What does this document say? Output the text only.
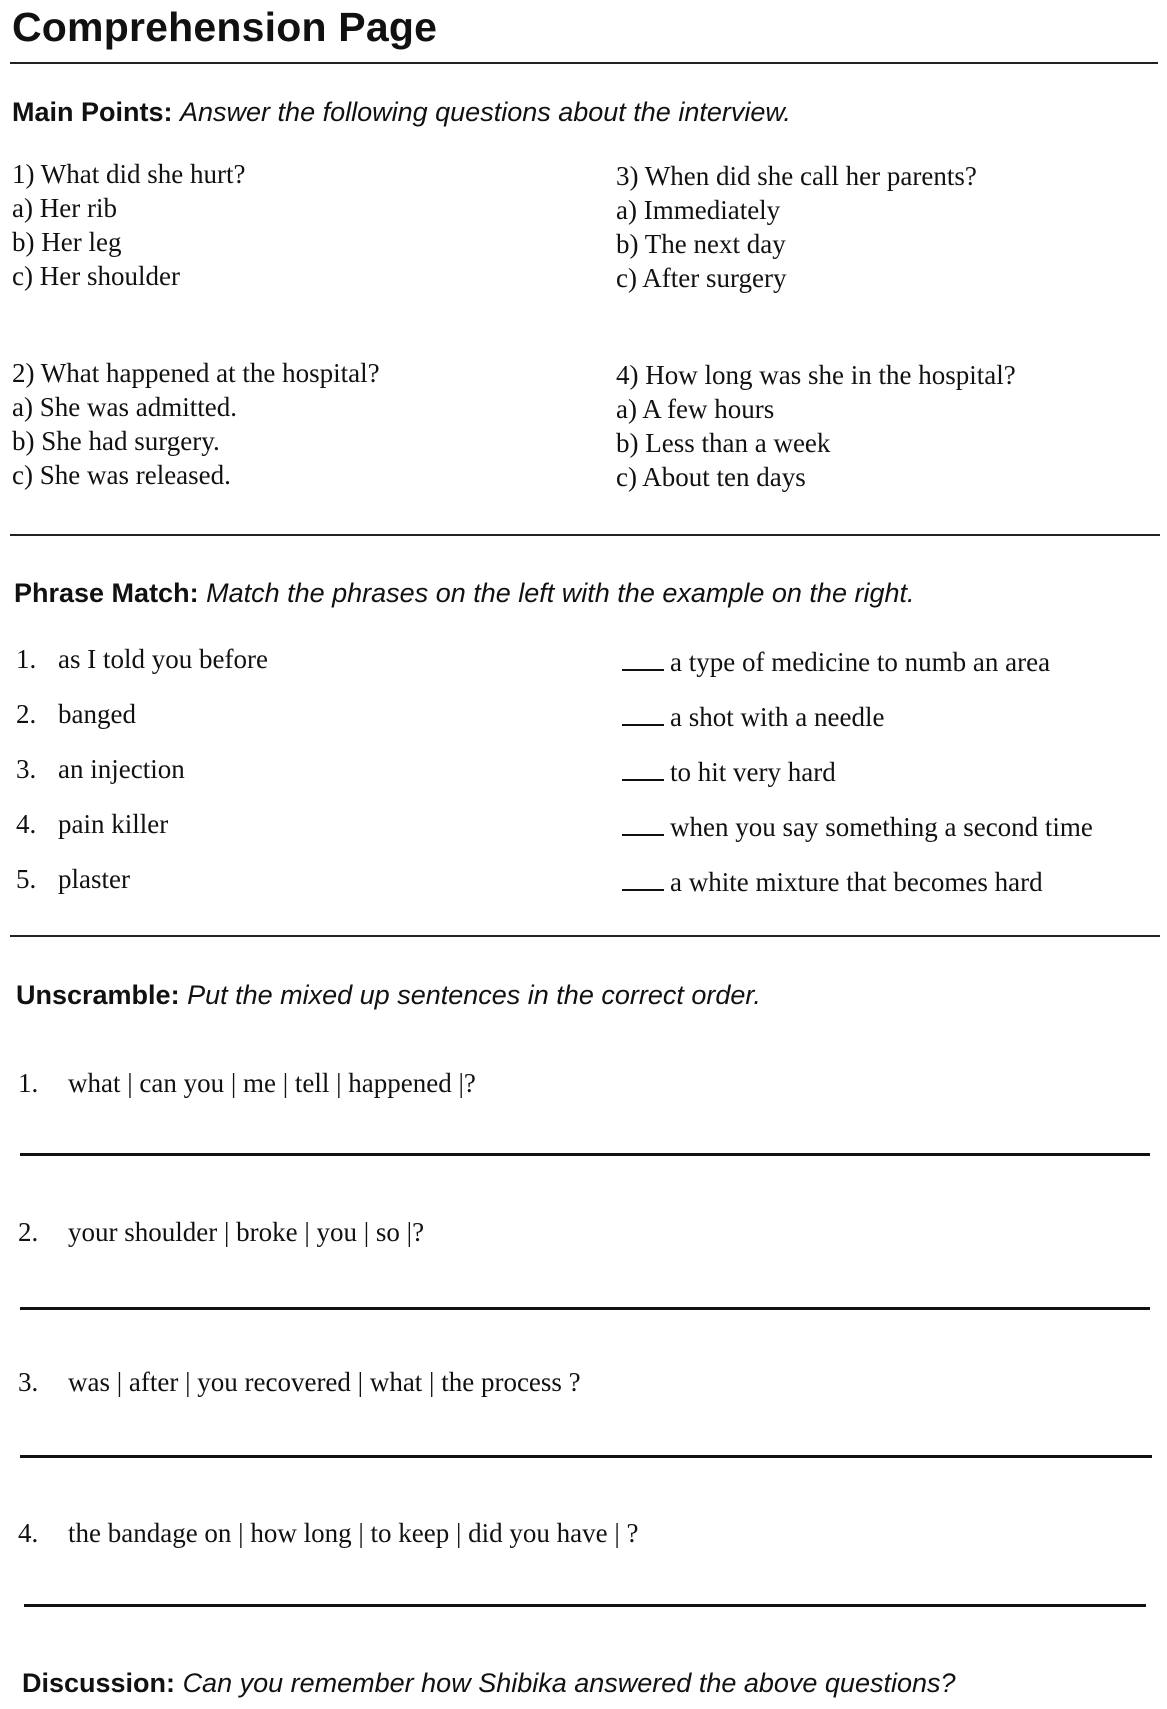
Comprehension Page
Main Points: Answer the following questions about the interview.
1) What did she hurt?
a) Her rib
b) Her leg
c) Her shoulder
3) When did she call her parents?
a) Immediately
b) The next day
c) After surgery
2) What happened at the hospital?
a) She was admitted.
b) She had surgery.
c) She was released.
4) How long was she in the hospital?
a) A few hours
b) Less than a week
c) About ten days
Phrase Match: Match the phrases on the left with the example on the right.
1. as I told you before
2. banged
3. an injection
4. pain killer
5. plaster
a type of medicine to numb an area
a shot with a needle
to hit very hard
when you say something a second time
a white mixture that becomes hard
Unscramble: Put the mixed up sentences in the correct order.
1. what | can you | me | tell | happened |?
2. your shoulder | broke | you | so |?
3. was | after | you recovered | what | the process ?
4. the bandage on | how long | to keep | did you have | ?
Discussion: Can you remember how Shibika answered the above questions?
